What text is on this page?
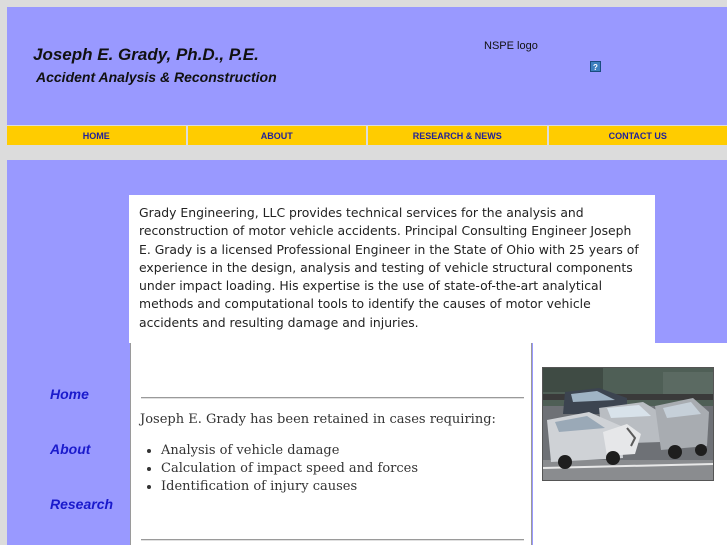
Joseph E. Grady, Ph.D., P.E.
Accident Analysis & Reconstruction
NSPE logo
?
HOME	ABOUT	RESEARCH & NEWS	CONTACT US
Grady Engineering, LLC provides technical services for the analysis and reconstruction of motor vehicle accidents. Principal Consulting Engineer Joseph E. Grady is a licensed Professional Engineer in the State of Ohio with 25 years of experience in the design, analysis and testing of vehicle structural components under impact loading. His expertise is the use of state-of-the-art analytical methods and computational tools to identify the causes of motor vehicle accidents and resulting damage and injuries.
Joseph E. Grady has been retained in cases requiring:
• Analysis of vehicle damage
• Calculation of impact speed and forces
• Identification of injury causes
Home
About
Research
